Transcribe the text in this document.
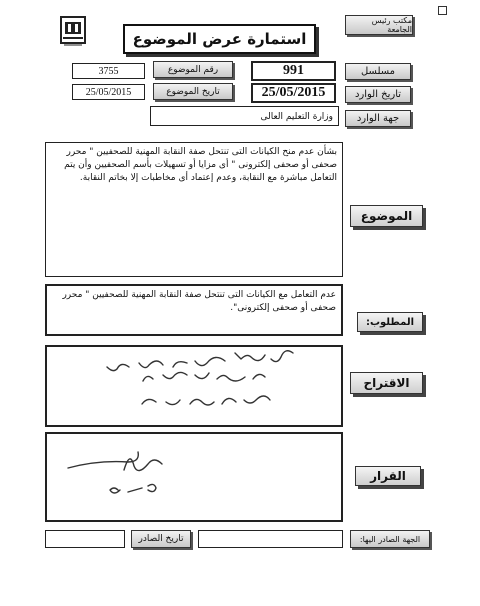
مكتب رئيس الجامعة
استمارة عرض الموضوع
3755	رقم الموضوع	991	مسلسل
25/05/2015	تاريخ الموضوع	25/05/2015	تاريخ الوارد
وزارة التعليم العالى	جهة الوارد
بشأن عدم منح الكيانات التى تنتحل صفة النقابة المهنية للصحفيين " محرر صحفى أو صحفى إلكترونى " أى مزايا أو تسهيلات بأسم الصحفيين وأن يتم التعامل مباشرة مع النقابة، وعدم إعتماد أى مخاطبات إلا بخاتم النقابة.
الموضوع
عدم التعامل مع الكيانات التى تنتحل صفة النقابة المهنية للصحفيين " محرر صحفى أو صحفى إلكترونى".
المطلوب:
الاقتراح
القرار
تاريخ الصادر	الجهة الصادر اليها:
